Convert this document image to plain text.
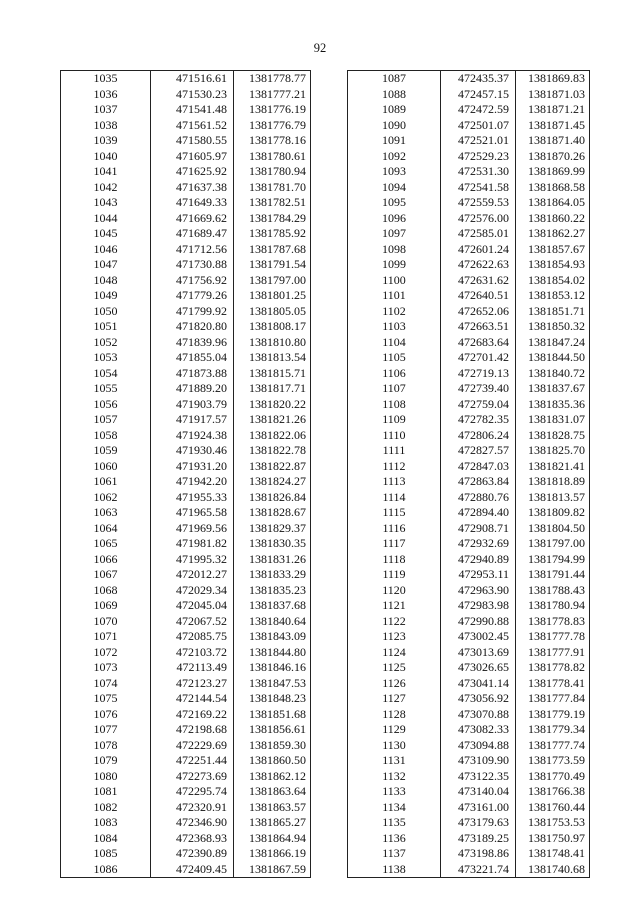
92
1035	471516.61	1381778.77
1036	471530.23	1381777.21
1037	471541.48	1381776.19
1038	471561.52	1381776.79
1039	471580.55	1381778.16
1040	471605.97	1381780.61
1041	471625.92	1381780.94
1042	471637.38	1381781.70
1043	471649.33	1381782.51
1044	471669.62	1381784.29
1045	471689.47	1381785.92
1046	471712.56	1381787.68
1047	471730.88	1381791.54
1048	471756.92	1381797.00
1049	471779.26	1381801.25
1050	471799.92	1381805.05
1051	471820.80	1381808.17
1052	471839.96	1381810.80
1053	471855.04	1381813.54
1054	471873.88	1381815.71
1055	471889.20	1381817.71
1056	471903.79	1381820.22
1057	471917.57	1381821.26
1058	471924.38	1381822.06
1059	471930.46	1381822.78
1060	471931.20	1381822.87
1061	471942.20	1381824.27
1062	471955.33	1381826.84
1063	471965.58	1381828.67
1064	471969.56	1381829.37
1065	471981.82	1381830.35
1066	471995.32	1381831.26
1067	472012.27	1381833.29
1068	472029.34	1381835.23
1069	472045.04	1381837.68
1070	472067.52	1381840.64
1071	472085.75	1381843.09
1072	472103.72	1381844.80
1073	472113.49	1381846.16
1074	472123.27	1381847.53
1075	472144.54	1381848.23
1076	472169.22	1381851.68
1077	472198.68	1381856.61
1078	472229.69	1381859.30
1079	472251.44	1381860.50
1080	472273.69	1381862.12
1081	472295.74	1381863.64
1082	472320.91	1381863.57
1083	472346.90	1381865.27
1084	472368.93	1381864.94
1085	472390.89	1381866.19
1086	472409.45	1381867.59
1087	472435.37	1381869.83
1088	472457.15	1381871.03
1089	472472.59	1381871.21
1090	472501.07	1381871.45
1091	472521.01	1381871.40
1092	472529.23	1381870.26
1093	472531.30	1381869.99
1094	472541.58	1381868.58
1095	472559.53	1381864.05
1096	472576.00	1381860.22
1097	472585.01	1381862.27
1098	472601.24	1381857.67
1099	472622.63	1381854.93
1100	472631.62	1381854.02
1101	472640.51	1381853.12
1102	472652.06	1381851.71
1103	472663.51	1381850.32
1104	472683.64	1381847.24
1105	472701.42	1381844.50
1106	472719.13	1381840.72
1107	472739.40	1381837.67
1108	472759.04	1381835.36
1109	472782.35	1381831.07
1110	472806.24	1381828.75
1111	472827.57	1381825.70
1112	472847.03	1381821.41
1113	472863.84	1381818.89
1114	472880.76	1381813.57
1115	472894.40	1381809.82
1116	472908.71	1381804.50
1117	472932.69	1381797.00
1118	472940.89	1381794.99
1119	472953.11	1381791.44
1120	472963.90	1381788.43
1121	472983.98	1381780.94
1122	472990.88	1381778.83
1123	473002.45	1381777.78
1124	473013.69	1381777.91
1125	473026.65	1381778.82
1126	473041.14	1381778.41
1127	473056.92	1381777.84
1128	473070.88	1381779.19
1129	473082.33	1381779.34
1130	473094.88	1381777.74
1131	473109.90	1381773.59
1132	473122.35	1381770.49
1133	473140.04	1381766.38
1134	473161.00	1381760.44
1135	473179.63	1381753.53
1136	473189.25	1381750.97
1137	473198.86	1381748.41
1138	473221.74	1381740.68
